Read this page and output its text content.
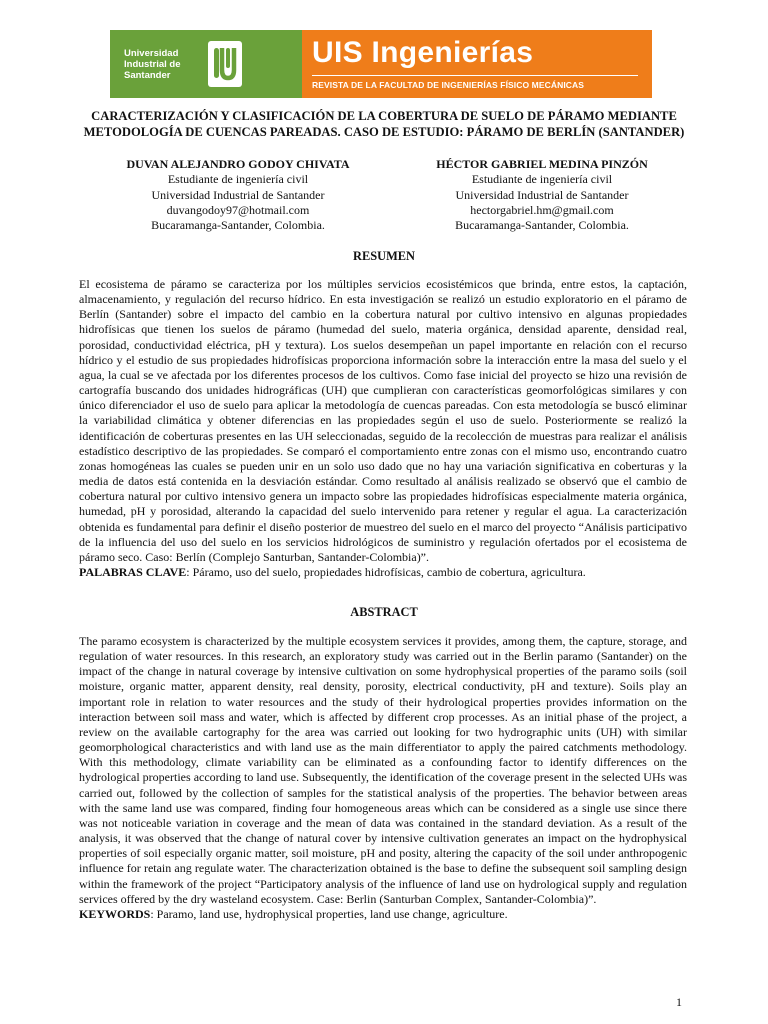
Universidad
Industrial de
Santander
UIS Ingenierías
REVISTA DE LA FACULTAD DE INGENIERÍAS FÍSICO MECÁNICAS
CARACTERIZACIÓN Y CLASIFICACIÓN DE LA COBERTURA DE SUELO DE PÁRAMO MEDIANTE
METODOLOGÍA DE CUENCAS PAREADAS. CASO DE ESTUDIO: PÁRAMO DE BERLÍN (SANTANDER)
DUVAN ALEJANDRO GODOY CHIVATA
Estudiante de ingeniería civil
Universidad Industrial de Santander
duvangodoy97@hotmail.com
Bucaramanga-Santander, Colombia.
HÉCTOR GABRIEL MEDINA PINZÓN
Estudiante de ingeniería civil
Universidad Industrial de Santander
hectorgabriel.hm@gmail.com
Bucaramanga-Santander, Colombia.
RESUMEN

El ecosistema de páramo se caracteriza por los múltiples servicios ecosistémicos que brinda, entre estos, la captación, almacenamiento, y regulación del recurso hídrico. En esta investigación se realizó un estudio exploratorio en el páramo de Berlín (Santander) sobre el impacto del cambio en la cobertura natural por cultivo intensivo en algunas propiedades hidrofísicas que tienen los suelos de páramo (humedad del suelo, materia orgánica, densidad aparente, densidad real, porosidad, conductividad eléctrica, pH y textura). Los suelos desempeñan un papel importante en relación con el recurso hídrico y el estudio de sus propiedades hidrofísicas proporciona información sobre la interacción entre la masa del suelo y el agua, la cual se ve afectada por los diferentes procesos de los cultivos. Como fase inicial del proyecto se hizo una revisión de cartografía buscando dos unidades hidrográficas (UH) que cumplieran con características geomorfológicas similares y con único diferenciador el uso de suelo para aplicar la metodología de cuencas pareadas. Con esta metodología se buscó eliminar la variabilidad climática y obtener diferencias en las propiedades según el uso de suelo. Posteriormente se realizó la identificación de coberturas presentes en las UH seleccionadas, seguido de la recolección de muestras para realizar el análisis estadístico descriptivo de las propiedades. Se comparó el comportamiento entre zonas con el mismo uso, encontrando cuatro zonas homogéneas las cuales se pueden unir en un solo uso dado que no hay una variación significativa en coberturas y la media de datos está contenida en la desviación estándar. Como resultado al análisis realizado se observó que el cambio de cobertura natural por cultivo intensivo genera un impacto sobre las propiedades hidrofísicas especialmente materia orgánica, humedad, pH y porosidad, alterando la capacidad del suelo intervenido para retener y regular el agua. La caracterización obtenida es fundamental para definir el diseño posterior de muestreo del suelo en el marco del proyecto “Análisis participativo de la influencia del uso del suelo en los servicios hidrológicos de suministro y regulación ofertados por el ecosistema de páramo seco. Caso: Berlín (Complejo Santurban, Santander-Colombia)”.
PALABRAS CLAVE: Páramo, uso del suelo, propiedades hidrofísicas, cambio de cobertura, agricultura.

ABSTRACT

The paramo ecosystem is characterized by the multiple ecosystem services it provides, among them, the capture, storage, and regulation of water resources. In this research, an exploratory study was carried out in the Berlin paramo (Santander) on the impact of the change in natural coverage by intensive cultivation on some hydrophysical properties of the paramo soils (soil moisture, organic matter, apparent density, real density, porosity, electrical conductivity, pH and texture). Soils play an important role in relation to water resources and the study of their hydrological properties provides information on the interaction between soil mass and water, which is affected by different crop processes. As an initial phase of the project, a review on the available cartography for the area was carried out looking for two hydrographic units (UH) with similar geomorphological characteristics and with land use as the main differentiator to apply the paired catchments methodology. With this methodology, climate variability can be eliminated as a confounding factor to identify differences on the hydrological properties according to land use. Subsequently, the identification of the coverage present in the selected UHs was carried out, followed by the collection of samples for the statistical analysis of the properties. The behavior between areas with the same land use was compared, finding four homogeneous areas which can be considered as a single use since there was not noticeable variation in coverage and the mean of data was contained in the standard deviation. As a result of the analysis, it was observed that the change of natural cover by intensive cultivation generates an impact on the hydrophysical properties of soil especially organic matter, soil moisture, pH and posity, altering the capacity of the soil under anthropogenic influence for retain ang regulate water. The characterization obtained is the base to define the subsequent soil sampling design within the framework of the project “Participatory analysis of the influence of land use on hydrological supply and regulation services offered by the dry wasteland ecosystem. Case: Berlin (Santurban Complex, Santander-Colombia)”.
KEYWORDS: Paramo, land use, hydrophysical properties, land use change, agriculture.

1
